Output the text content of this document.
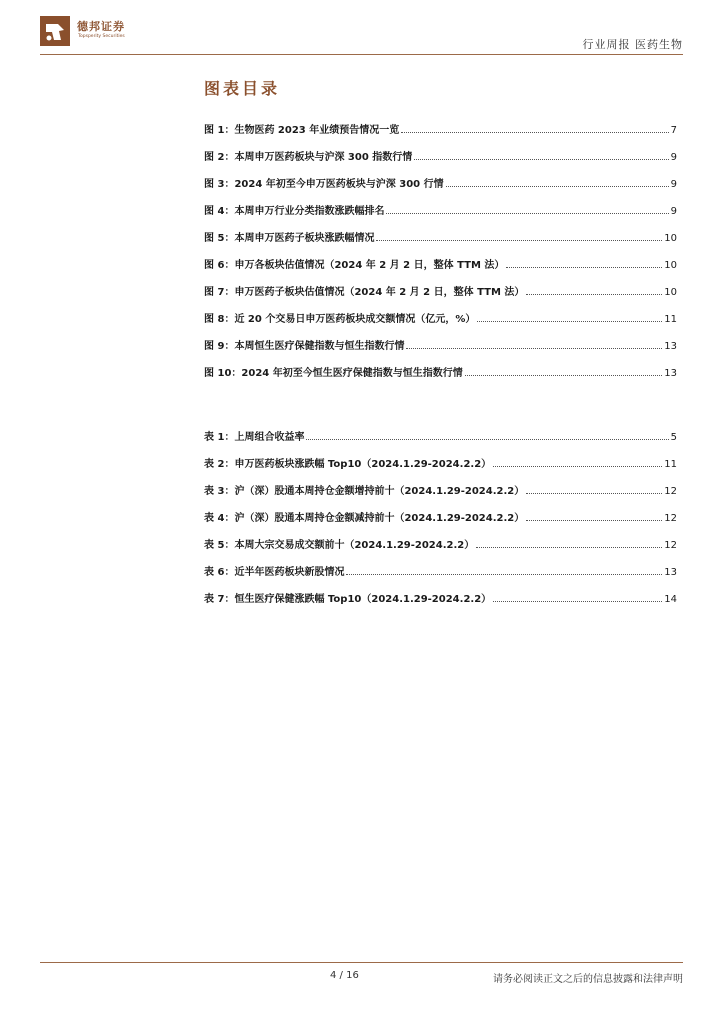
德邦证券
Topsperity Securities
行业周报 医药生物
图表目录
图 1：生物医药 2023 年业绩预告情况一览	7
图 2：本周申万医药板块与沪深 300 指数行情	9
图 3：2024 年初至今申万医药板块与沪深 300 行情	9
图 4：本周申万行业分类指数涨跌幅排名	9
图 5：本周申万医药子板块涨跌幅情况	10
图 6：申万各板块估值情况（2024 年 2 月 2 日，整体 TTM 法）	10
图 7：申万医药子板块估值情况（2024 年 2 月 2 日，整体 TTM 法）	10
图 8：近 20 个交易日申万医药板块成交额情况（亿元，%）	11
图 9：本周恒生医疗保健指数与恒生指数行情	13
图 10：2024 年初至今恒生医疗保健指数与恒生指数行情	13
表 1：上周组合收益率	5
表 2：申万医药板块涨跌幅 Top10（2024.1.29-2024.2.2）	11
表 3：沪（深）股通本周持仓金额增持前十（2024.1.29-2024.2.2）	12
表 4：沪（深）股通本周持仓金额减持前十（2024.1.29-2024.2.2）	12
表 5：本周大宗交易成交额前十（2024.1.29-2024.2.2）	12
表 6：近半年医药板块新股情况	13
表 7：恒生医疗保健涨跌幅 Top10（2024.1.29-2024.2.2）	14
4 / 16	请务必阅读正文之后的信息披露和法律声明
